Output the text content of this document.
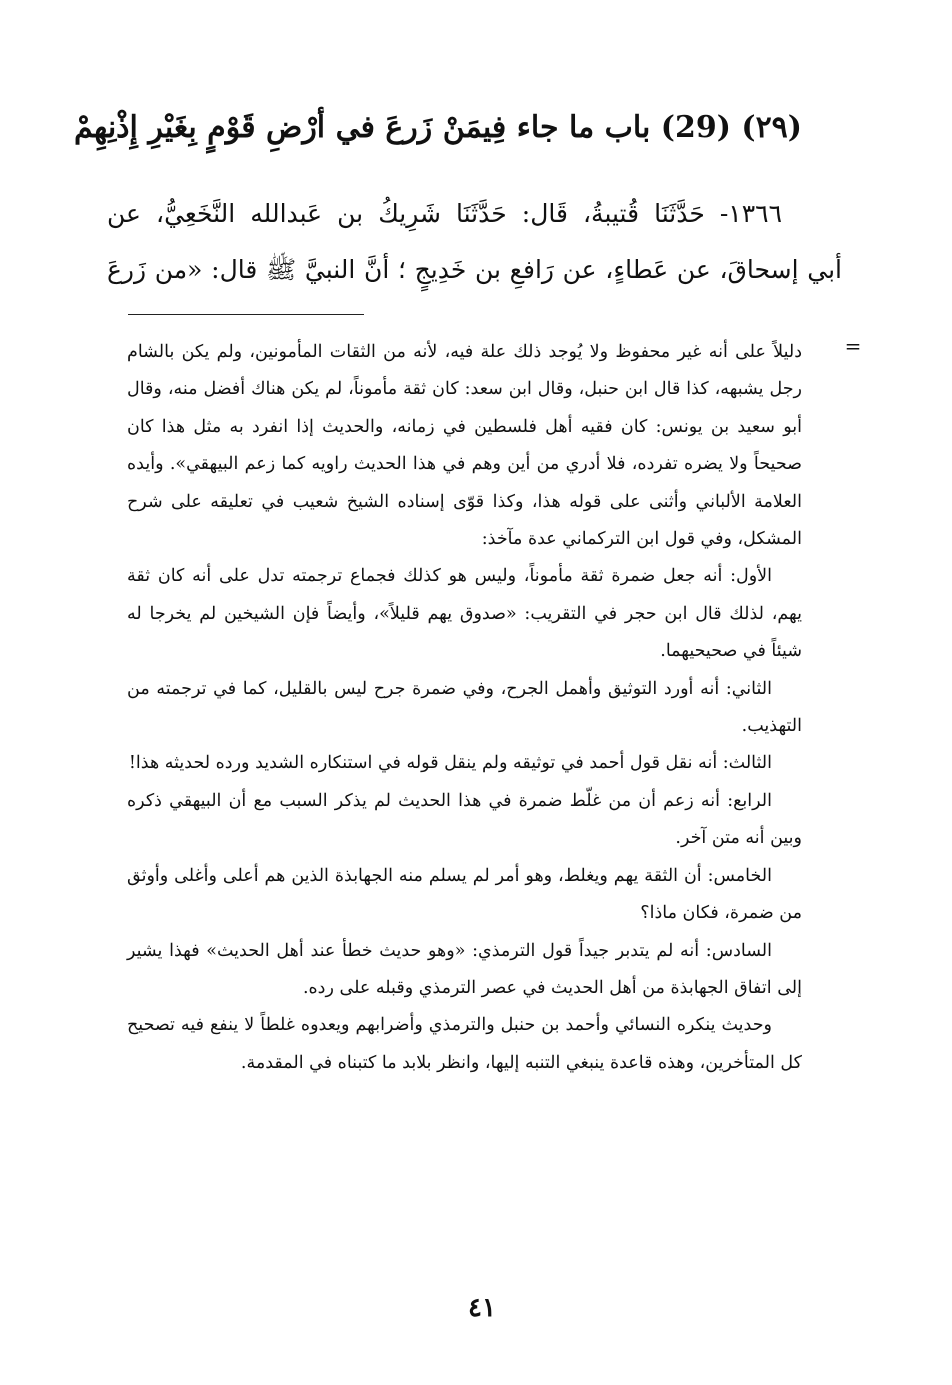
(٢٩) (29) باب ما جاء فِيمَنْ زَرعَ في أرْضِ قَوْمٍ بِغَيْرِ إِذْنِهِمْ
١٣٦٦- حَدَّثَنَا قُتيبةُ، قَال: حَدَّثَنَا شَرِيكُ بن عَبدالله النَّخَعِيُّ، عن
أبي إسحاقَ، عن عَطاءٍ، عن رَافعِ بن خَدِيجٍ ؛ أنَّ النبيَّ ﷺ قال: «من زَرعَ
=

دليلاً على أنه غير محفوظ ولا يُوجد ذلك علة فيه، لأنه من الثقات المأمونين، ولم يكن بالشام رجل يشبهه، كذا قال ابن حنبل، وقال ابن سعد: كان ثقة مأموناً، لم يكن هناك أفضل منه، وقال أبو سعيد بن يونس: كان فقيه أهل فلسطين في زمانه، والحديث إذا انفرد به مثل هذا كان صحيحاً ولا يضره تفرده، فلا أدري من أين وهم في هذا الحديث راويه كما زعم البيهقي». وأيده العلامة الألباني وأثنى على قوله هذا، وكذا قوّى إسناده الشيخ شعيب في تعليقه على شرح المشكل، وفي قول ابن التركماني عدة مآخذ:

الأول: أنه جعل ضمرة ثقة مأموناً، وليس هو كذلك فجماع ترجمته تدل على أنه كان ثقة يهم، لذلك قال ابن حجر في التقريب: «صدوق يهم قليلاً»، وأيضاً فإن الشيخين لم يخرجا له شيئاً في صحيحيهما.

الثاني: أنه أورد التوثيق وأهمل الجرح، وفي ضمرة جرح ليس بالقليل، كما في ترجمته من التهذيب.

الثالث: أنه نقل قول أحمد في توثيقه ولم ينقل قوله في استنكاره الشديد ورده لحديثه هذا!

الرابع: أنه زعم أن من غلّط ضمرة في هذا الحديث لم يذكر السبب مع أن البيهقي ذكره وبين أنه متن آخر.

الخامس: أن الثقة يهم ويغلط، وهو أمر لم يسلم منه الجهابذة الذين هم أعلى وأغلى وأوثق من ضمرة، فكان ماذا؟

السادس: أنه لم يتدبر جيداً قول الترمذي: «وهو حديث خطأ عند أهل الحديث» فهذا يشير إلى اتفاق الجهابذة من أهل الحديث في عصر الترمذي وقبله على رده.

وحديث ينكره النسائي وأحمد بن حنبل والترمذي وأضرابهم ويعدوه غلطاً لا ينفع فيه تصحيح كل المتأخرين، وهذه قاعدة ينبغي التنبه إليها، وانظر بلابد ما كتبناه في المقدمة.

٤١
